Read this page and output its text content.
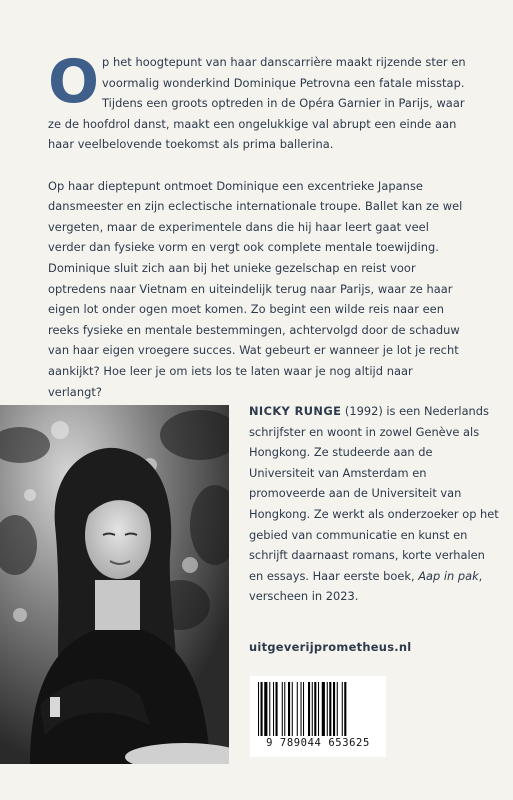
Op het hoogtepunt van haar danscarrière maakt rijzende ster en voormalig wonderkind Dominique Petrovna een fatale misstap. Tijdens een groots optreden in de Opéra Garnier in Parijs, waar ze de hoofdrol danst, maakt een ongelukkige val abrupt een einde aan haar veelbelovende toekomst als prima ballerina.

Op haar dieptepunt ontmoet Dominique een excentrieke Japanse dansmeester en zijn eclectische internationale troupe. Ballet kan ze wel vergeten, maar de experimentele dans die hij haar leert gaat veel verder dan fysieke vorm en vergt ook complete mentale toewijding. Dominique sluit zich aan bij het unieke gezelschap en reist voor optredens naar Vietnam en uiteindelijk terug naar Parijs, waar ze haar eigen lot onder ogen moet komen. Zo begint een wilde reis naar een reeks fysieke en mentale bestemmingen, achtervolgd door de schaduw van haar eigen vroegere succes. Wat gebeurt er wanneer je lot je recht aankijkt? Hoe leer je om iets los te laten waar je nog altijd naar verlangt?

NICKY RUNGE (1992) is een Nederlands schrijfster en woont in zowel Genève als Hongkong. Ze studeerde aan de Universiteit van Amsterdam en promoveerde aan de Universiteit van Hongkong. Ze werkt als onderzoeker op het gebied van communicatie en kunst en schrijft daarnaast romans, korte verhalen en essays. Haar eerste boek, Aap in pak, verscheen in 2023.
uitgeverijprometheus.nl
9 789044 653625
